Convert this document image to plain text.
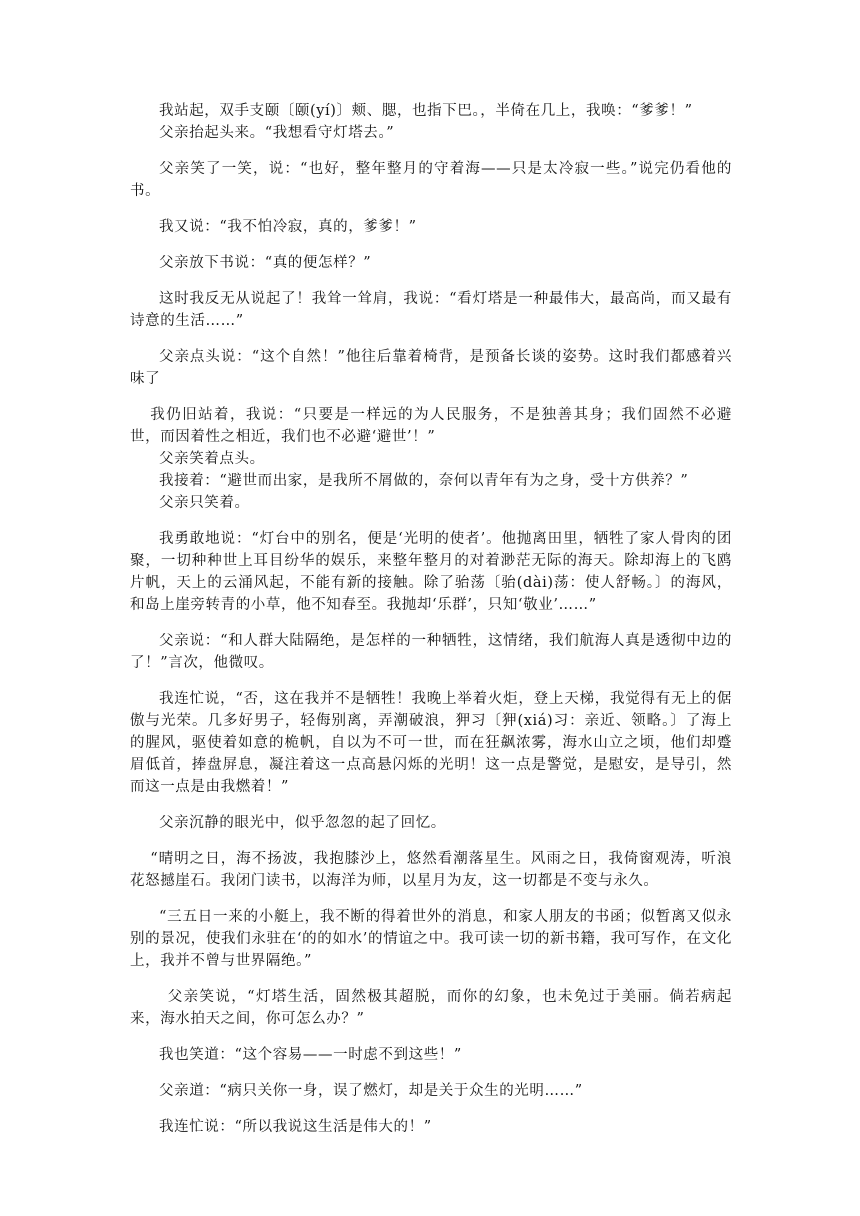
我站起，双手支颐〔颐(yí)〕颊、腮，也指下巴。，半倚在几上，我唤：“爹爹！”

父亲抬起头来。“我想看守灯塔去。”

父亲笑了一笑，说：“也好，整年整月的守着海——只是太冷寂一些。”说完仍看他的书。

我又说：“我不怕冷寂，真的，爹爹！”

父亲放下书说：“真的便怎样？”

这时我反无从说起了！我耸一耸肩，我说：“看灯塔是一种最伟大，最高尚，而又最有诗意的生活……”

父亲点头说：“这个自然！”他往后靠着椅背，是预备长谈的姿势。这时我们都感着兴味了

我仍旧站着，我说：“只要是一样远的为人民服务，不是独善其身；我们固然不必避世，而因着性之相近，我们也不必避‘避世’！”

父亲笑着点头。

我接着：“避世而出家，是我所不屑做的，奈何以青年有为之身，受十方供养？”

父亲只笑着。

我勇敢地说：“灯台中的别名，便是‘光明的使者’。他抛离田里，牺牲了家人骨肉的团聚，一切种种世上耳目纷华的娱乐，来整年整月的对着渺茫无际的海天。除却海上的飞鸥片帆，天上的云涌风起，不能有新的接触。除了骀荡〔骀(dài)荡：使人舒畅。〕的海风，和岛上崖旁转青的小草，他不知春至。我抛却‘乐群’，只知‘敬业’……”

父亲说：“和人群大陆隔绝，是怎样的一种牺牲，这情绪，我们航海人真是透彻中边的了！”言次，他微叹。

我连忙说，“否，这在我并不是牺牲！我晚上举着火炬，登上天梯，我觉得有无上的倨傲与光荣。几多好男子，轻侮别离，弄潮破浪，狎习〔狎(xiá)习：亲近、领略。〕了海上的腥风，驱使着如意的桅帆，自以为不可一世，而在狂飙浓雾，海水山立之顷，他们却蹙眉低首，捧盘屏息，凝注着这一点高悬闪烁的光明！这一点是警觉，是慰安，是导引，然而这一点是由我燃着！”

父亲沉静的眼光中，似乎忽忽的起了回忆。

“晴明之日，海不扬波，我抱膝沙上，悠然看潮落星生。风雨之日，我倚窗观涛，听浪花怒撼崖石。我闭门读书，以海洋为师，以星月为友，这一切都是不变与永久。

“三五日一来的小艇上，我不断的得着世外的消息，和家人朋友的书函；似暂离又似永别的景况，使我们永驻在‘的的如水’的情谊之中。我可读一切的新书籍，我可写作，在文化上，我并不曾与世界隔绝。”

父亲笑说，“灯塔生活，固然极其超脱，而你的幻象，也未免过于美丽。倘若病起来，海水拍天之间，你可怎么办？”

我也笑道：“这个容易——一时虑不到这些！”

父亲道：“病只关你一身，误了燃灯，却是关于众生的光明……”

我连忙说：“所以我说这生活是伟大的！”
